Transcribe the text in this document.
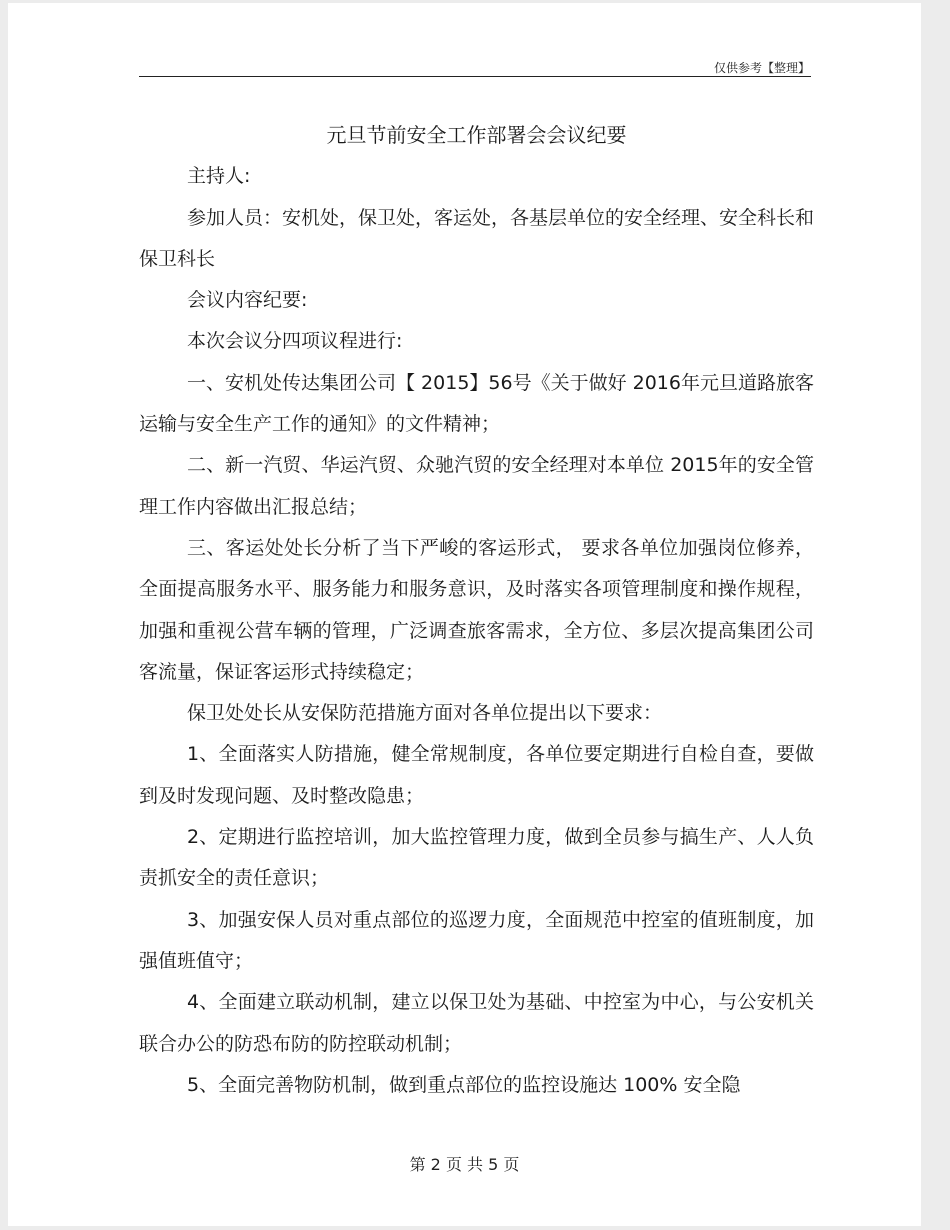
仅供参考【整理】

元旦节前安全工作部署会会议纪要

主持人:

参加人员：安机处，保卫处，客运处，各基层单位的安全经理、安全科长和保卫科长

会议内容纪要:

本次会议分四项议程进行:

一、安机处传达集团公司【 2015】56号《关于做好 2016年元旦道路旅客运输与安全生产工作的通知》的文件精神；

二、新一汽贸、华运汽贸、众驰汽贸的安全经理对本单位 2015年的安全管理工作内容做出汇报总结；

三、客运处处长分析了当下严峻的客运形式， 要求各单位加强岗位修养，全面提高服务水平、服务能力和服务意识，及时落实各项管理制度和操作规程，加强和重视公营车辆的管理，广泛调查旅客需求，全方位、多层次提高集团公司客流量，保证客运形式持续稳定；

保卫处处长从安保防范措施方面对各单位提出以下要求：

1、全面落实人防措施，健全常规制度，各单位要定期进行自检自查，要做到及时发现问题、及时整改隐患；

2、定期进行监控培训，加大监控管理力度，做到全员参与搞生产、人人负责抓安全的责任意识；

3、加强安保人员对重点部位的巡逻力度，全面规范中控室的值班制度，加强值班值守；

4、全面建立联动机制，建立以保卫处为基础、中控室为中心，与公安机关联合办公的防恐布防的防控联动机制；

5、全面完善物防机制，做到重点部位的监控设施达 100% 安全隐

第 2 页 共 5 页
